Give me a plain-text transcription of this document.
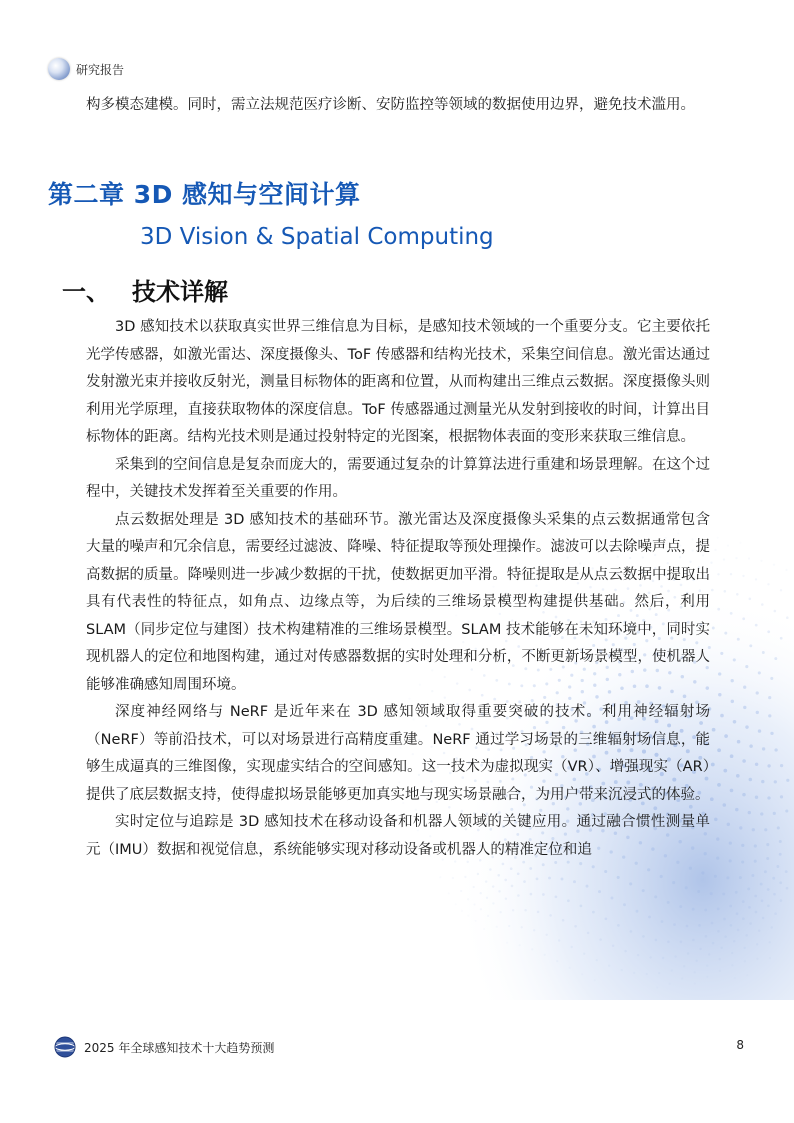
研究报告

构多模态建模。同时，需立法规范医疗诊断、安防监控等领域的数据使用边界，避免技术滥用。

第二章 3D 感知与空间计算
3D Vision & Spatial Computing
一、 技术详解

3D 感知技术以获取真实世界三维信息为目标，是感知技术领域的一个重要分支。它主要依托光学传感器，如激光雷达、深度摄像头、ToF 传感器和结构光技术，采集空间信息。激光雷达通过发射激光束并接收反射光，测量目标物体的距离和位置，从而构建出三维点云数据。深度摄像头则利用光学原理，直接获取物体的深度信息。ToF 传感器通过测量光从发射到接收的时间，计算出目标物体的距离。结构光技术则是通过投射特定的光图案，根据物体表面的变形来获取三维信息。

采集到的空间信息是复杂而庞大的，需要通过复杂的计算算法进行重建和场景理解。在这个过程中，关键技术发挥着至关重要的作用。

点云数据处理是 3D 感知技术的基础环节。激光雷达及深度摄像头采集的点云数据通常包含大量的噪声和冗余信息，需要经过滤波、降噪、特征提取等预处理操作。滤波可以去除噪声点，提高数据的质量。降噪则进一步减少数据的干扰，使数据更加平滑。特征提取是从点云数据中提取出具有代表性的特征点，如角点、边缘点等，为后续的三维场景模型构建提供基础。然后，利用 SLAM（同步定位与建图）技术构建精准的三维场景模型。SLAM 技术能够在未知环境中，同时实现机器人的定位和地图构建，通过对传感器数据的实时处理和分析，不断更新场景模型，使机器人能够准确感知周围环境。

深度神经网络与 NeRF 是近年来在 3D 感知领域取得重要突破的技术。利用神经辐射场（NeRF）等前沿技术，可以对场景进行高精度重建。NeRF 通过学习场景的三维辐射场信息，能够生成逼真的三维图像，实现虚实结合的空间感知。这一技术为虚拟现实（VR）、增强现实（AR）提供了底层数据支持，使得虚拟场景能够更加真实地与现实场景融合，为用户带来沉浸式的体验。

实时定位与追踪是 3D 感知技术在移动设备和机器人领域的关键应用。通过融合惯性测量单元（IMU）数据和视觉信息，系统能够实现对移动设备或机器人的精准定位和追

2025 年全球感知技术十大趋势预测	8
